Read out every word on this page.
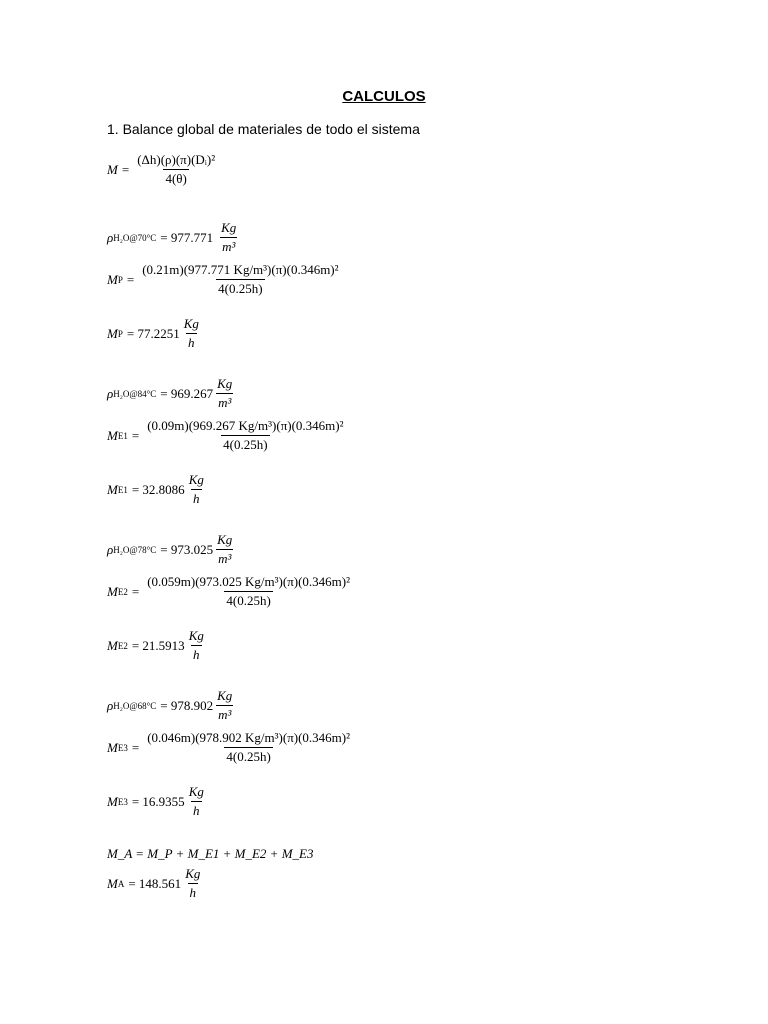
CALCULOS
1. Balance global de materiales de todo el sistema
$M = \frac{\text{(Δh)(ρ)(π)(Dᵢ)²}}{4(\theta)}$
ρ H₂O@70°C = $977.771 \frac{Kg}{\text{m³}}$
M $P = \frac{\text{(0.21m)(977.771 Kg/m³)(π)(0.346m)²}}{4(0.25h)}$
M $P = 77.2251 \frac{Kg}{h}$
ρ H₂O@84°C = $969.267 \frac{Kg}{\text{m³}}$
M $E1 = \frac{\text{(0.09m)(969.267 Kg/m³)(π)(0.346m)²}}{4(0.25h)}$
M $E1 = 32.8086 \frac{Kg}{h}$
ρ H₂O@78°C = $973.025 \frac{Kg}{\text{m³}}$
M $E2 = \frac{\text{(0.059m)(973.025 Kg/m³)(π)(0.346m)²}}{4(0.25h)}$
M $E2 = 21.5913 \frac{Kg}{h}$
ρ H₂O@68°C = $978.902 \frac{Kg}{\text{m³}}$
M $E3 = \frac{\text{(0.046m)(978.902 Kg/m³)(π)(0.346m)²}}{4(0.25h)}$
M $E3 = 16.9355 \frac{Kg}{h}$
M_A = M_P + M_E1 + M_E2 + M_E3
M $A = 148.561 \frac{Kg}{h}$
